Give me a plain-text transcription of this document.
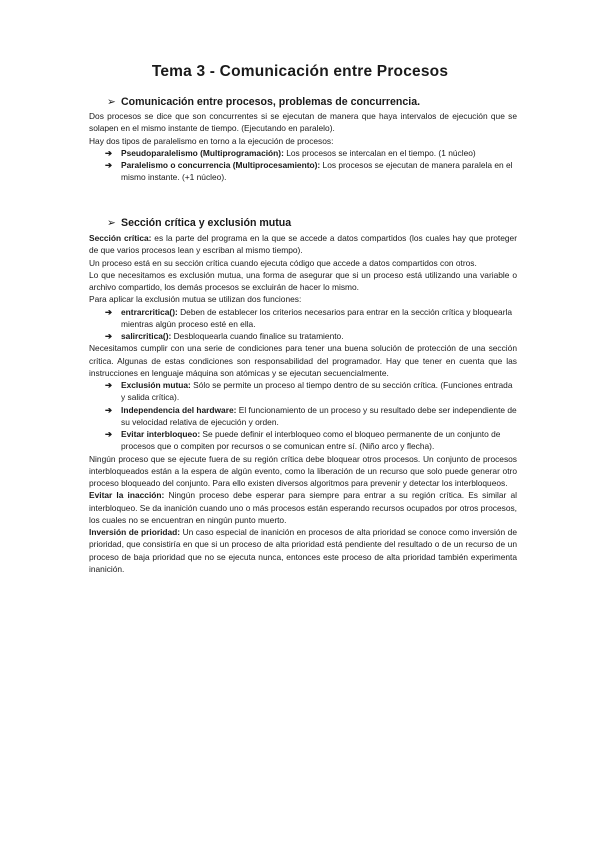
Tema 3 - Comunicación entre Procesos
➢ Comunicación entre procesos, problemas de concurrencia.

Dos procesos se dice que son concurrentes si se ejecutan de manera que haya intervalos de ejecución que se solapen en el mismo instante de tiempo. (Ejecutando en paralelo).

Hay dos tipos de paralelismo en torno a la ejecución de procesos:

➔ Pseudoparalelismo (Multiprogramación): Los procesos se intercalan en el tiempo. (1 núcleo)
➔ Paralelismo o concurrencia (Multiprocesamiento): Los procesos se ejecutan de manera paralela en el mismo instante. (+1 núcleo).
➢ Sección crítica y exclusión mutua

Sección crítica: es la parte del programa en la que se accede a datos compartidos (los cuales hay que proteger de que varios procesos lean y escriban al mismo tiempo).

Un proceso está en su sección crítica cuando ejecuta código que accede a datos compartidos con otros.

Lo que necesitamos es exclusión mutua, una forma de asegurar que si un proceso está utilizando una variable o archivo compartido, los demás procesos se excluirán de hacer lo mismo.

Para aplicar la exclusión mutua se utilizan dos funciones:

➔ entrarcritica(): Deben de establecer los criterios necesarios para entrar en la sección crítica y bloquearla mientras algún proceso esté en ella.
➔ salircritica(): Desbloquearla cuando finalice su tratamiento.

Necesitamos cumplir con una serie de condiciones para tener una buena solución de protección de una sección crítica. Algunas de estas condiciones son responsabilidad del programador. Hay que tener en cuenta que las instrucciones en lenguaje máquina son atómicas y se ejecutan secuencialmente.

➔ Exclusión mutua: Sólo se permite un proceso al tiempo dentro de su sección crítica. (Funciones entrada y salida crítica).
➔ Independencia del hardware: El funcionamiento de un proceso y su resultado debe ser independiente de su velocidad relativa de ejecución y orden.
➔ Evitar interbloqueo: Se puede definir el interbloqueo como el bloqueo permanente de un conjunto de procesos que o compiten por recursos o se comunican entre sí. (Niño arco y flecha).

Ningún proceso que se ejecute fuera de su región crítica debe bloquear otros procesos. Un conjunto de procesos interbloqueados están a la espera de algún evento, como la liberación de un recurso que solo puede generar otro proceso bloqueado del conjunto. Para ello existen diversos algoritmos para prevenir y detectar los interbloqueos.

Evitar la inacción: Ningún proceso debe esperar para siempre para entrar a su región crítica. Es similar al interbloqueo. Se da inanición cuando uno o más procesos están esperando recursos ocupados por otros procesos, los cuales no se encuentran en ningún punto muerto.

Inversión de prioridad: Un caso especial de inanición en procesos de alta prioridad se conoce como inversión de prioridad, que consistiría en que si un proceso de alta prioridad está pendiente del resultado o de un recurso de un proceso de baja prioridad que no se ejecuta nunca, entonces este proceso de alta prioridad también experimenta inanición.
